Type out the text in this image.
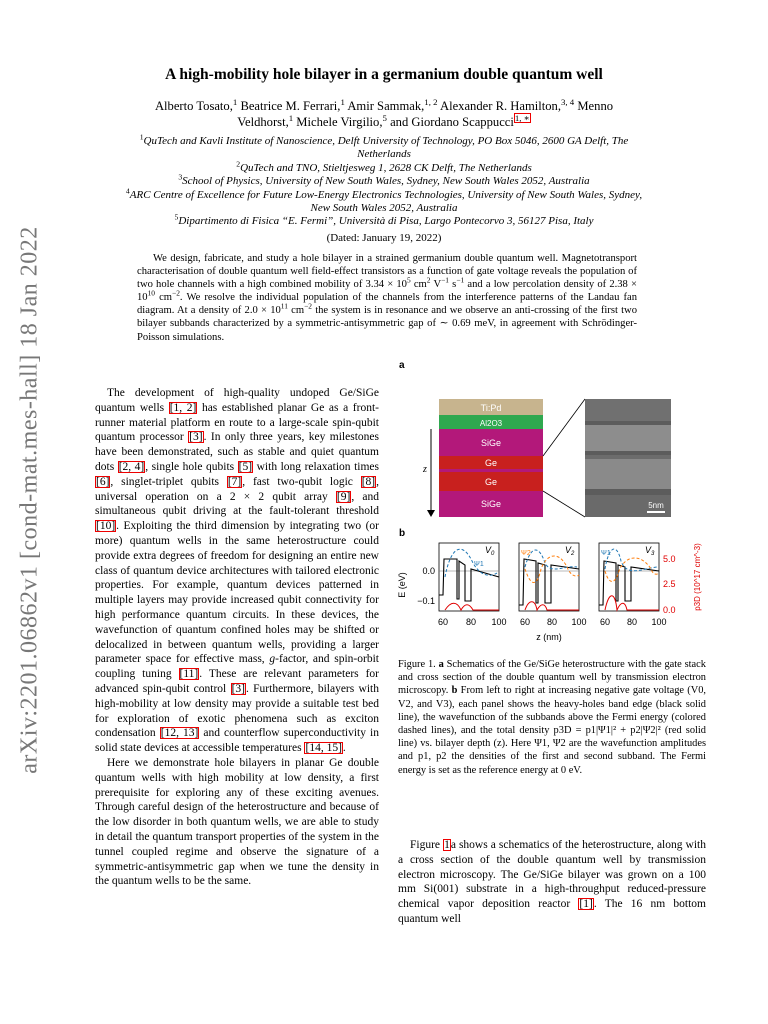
arXiv:2201.06862v1 [cond-mat.mes-hall] 18 Jan 2022
A high-mobility hole bilayer in a germanium double quantum well
Alberto Tosato,$^1$ Beatrice M. Ferrari,$^1$ Amir Sammak,$^{1, 2}$ Alexander R. Hamilton,$^{3, 4}$ Menno Veldhorst,$^1$ Michele Virgilio,$^5$ and Giordano Scappucci$^{1, ∗}$
$^1$QuTech and Kavli Institute of Nanoscience, Delft University of Technology, PO Box 5046, 2600 GA Delft, The Netherlands
$^2$QuTech and TNO, Stieltjesweg 1, 2628 CK Delft, The Netherlands
$^3$School of Physics, University of New South Wales, Sydney, New South Wales 2052, Australia
$^4$ARC Centre of Excellence for Future Low-Energy Electronics Technologies, University of New South Wales, Sydney, New South Wales 2052, Australia
$^5$Dipartimento di Fisica “E. Fermi”, Università di Pisa, Largo Pontecorvo 3, 56127 Pisa, Italy
(Dated: January 19, 2022)
We design, fabricate, and study a hole bilayer in a strained germanium double quantum well. Magnetotransport characterisation of double quantum well field-effect transistors as a function of gate voltage reveals the population of two hole channels with a high combined mobility of $3.34 \times 10^5$ $cm^2$ $V^{-1}$ $s^{-1}$ and a low percolation density of $2.38 \times 10^{10}$ $cm^{-2}$. We resolve the individual population of the channels from the interference patterns of the Landau fan diagram. At a density of $2.0 \times 10^{11}$ $cm^{-2}$ the system is in resonance and we observe an anti-crossing of the first two bilayer subbands characterized by a symmetric-antisymmetric gap of ∼ 0.69 meV, in agreement with Schrödinger-Poisson simulations.

The development of high-quality undoped Ge/SiGe quantum wells [1, 2] has established planar Ge as a front-runner material platform en route to a large-scale spin-qubit quantum processor [3]. In only three years, key milestones have been demonstrated, such as stable and quiet quantum dots [2, 4], single hole qubits [5] with long relaxation times [6], singlet-triplet qubits [7], fast two-qubit logic [8], universal operation on a 2 × 2 qubit array [9], and simultaneous qubit driving at the fault-tolerant threshold [10]. Exploiting the third dimension by integrating two (or more) quantum wells in the same heterostructure could provide extra degrees of freedom for designing an entire new class of quantum device architectures with tailored electronic properties. For example, quantum devices patterned in multiple layers may provide increased qubit connectivity for high performance quantum circuits. In these devices, the wavefunction of quantum confined holes may be shifted or delocalized in between quantum wells, providing a larger parameter space for effective mass, g-factor, and spin-orbit coupling tuning [11]. These are relevant parameters for advanced spin-qubit control [3]. Furthermore, bilayers with high-mobility at low density may provide a suitable test bed for exploration of exotic phenomena such as exciton condensation [12, 13] and counterflow superconductivity in solid state devices at accessible temperatures [14, 15].

Here we demonstrate hole bilayers in planar Ge double quantum wells with high mobility at low density, a first prerequisite for exploring any of these exciting avenues. Through careful design of the heterostructure and because of the low disorder in both quantum wells, we are able to study in detail the quantum transport properties of the system in the tunnel coupled regime and observe the signature of a symmetric-antisymmetric gap when we tune the density in the quantum wells to be the same.

a
Ti:Pd
Al2O3
SiGe
Ge
Ge
SiGe
z
5nm
b
E (eV)
0.0
−0.1
$V_0$
Ψ1
$V_2$
Ψ2	$V_3$
Ψ1
60 80 100 60 80 100 60 80 100
z (nm)
5.0
2.5
0.0 p3D (10^17 cm^-3)
Figure 1. a Schematics of the Ge/SiGe heterostructure with the gate stack and cross section of the double quantum well by transmission electron microscopy. b From left to right at increasing negative gate voltage (V0, V2, and V3), each panel shows the heavy-holes band edge (black solid line), the wavefunction of the subbands above the Fermi energy (colored dashed lines), and the total density p3D = p1|Ψ1|² + p2|Ψ2|² (red solid line) vs. bilayer depth (z). Here Ψ1, Ψ2 are the wavefunction amplitudes and p1, p2 the densities of the first and second subband. The Fermi energy is set as the reference energy at 0 eV.

Figure 1a shows a schematics of the heterostructure, along with a cross section of the double quantum well by transmission electron microscopy. The Ge/SiGe bilayer was grown on a 100 mm Si(001) substrate in a high-throughput reduced-pressure chemical vapor deposition reactor [1]. The 16 nm bottom quantum well
